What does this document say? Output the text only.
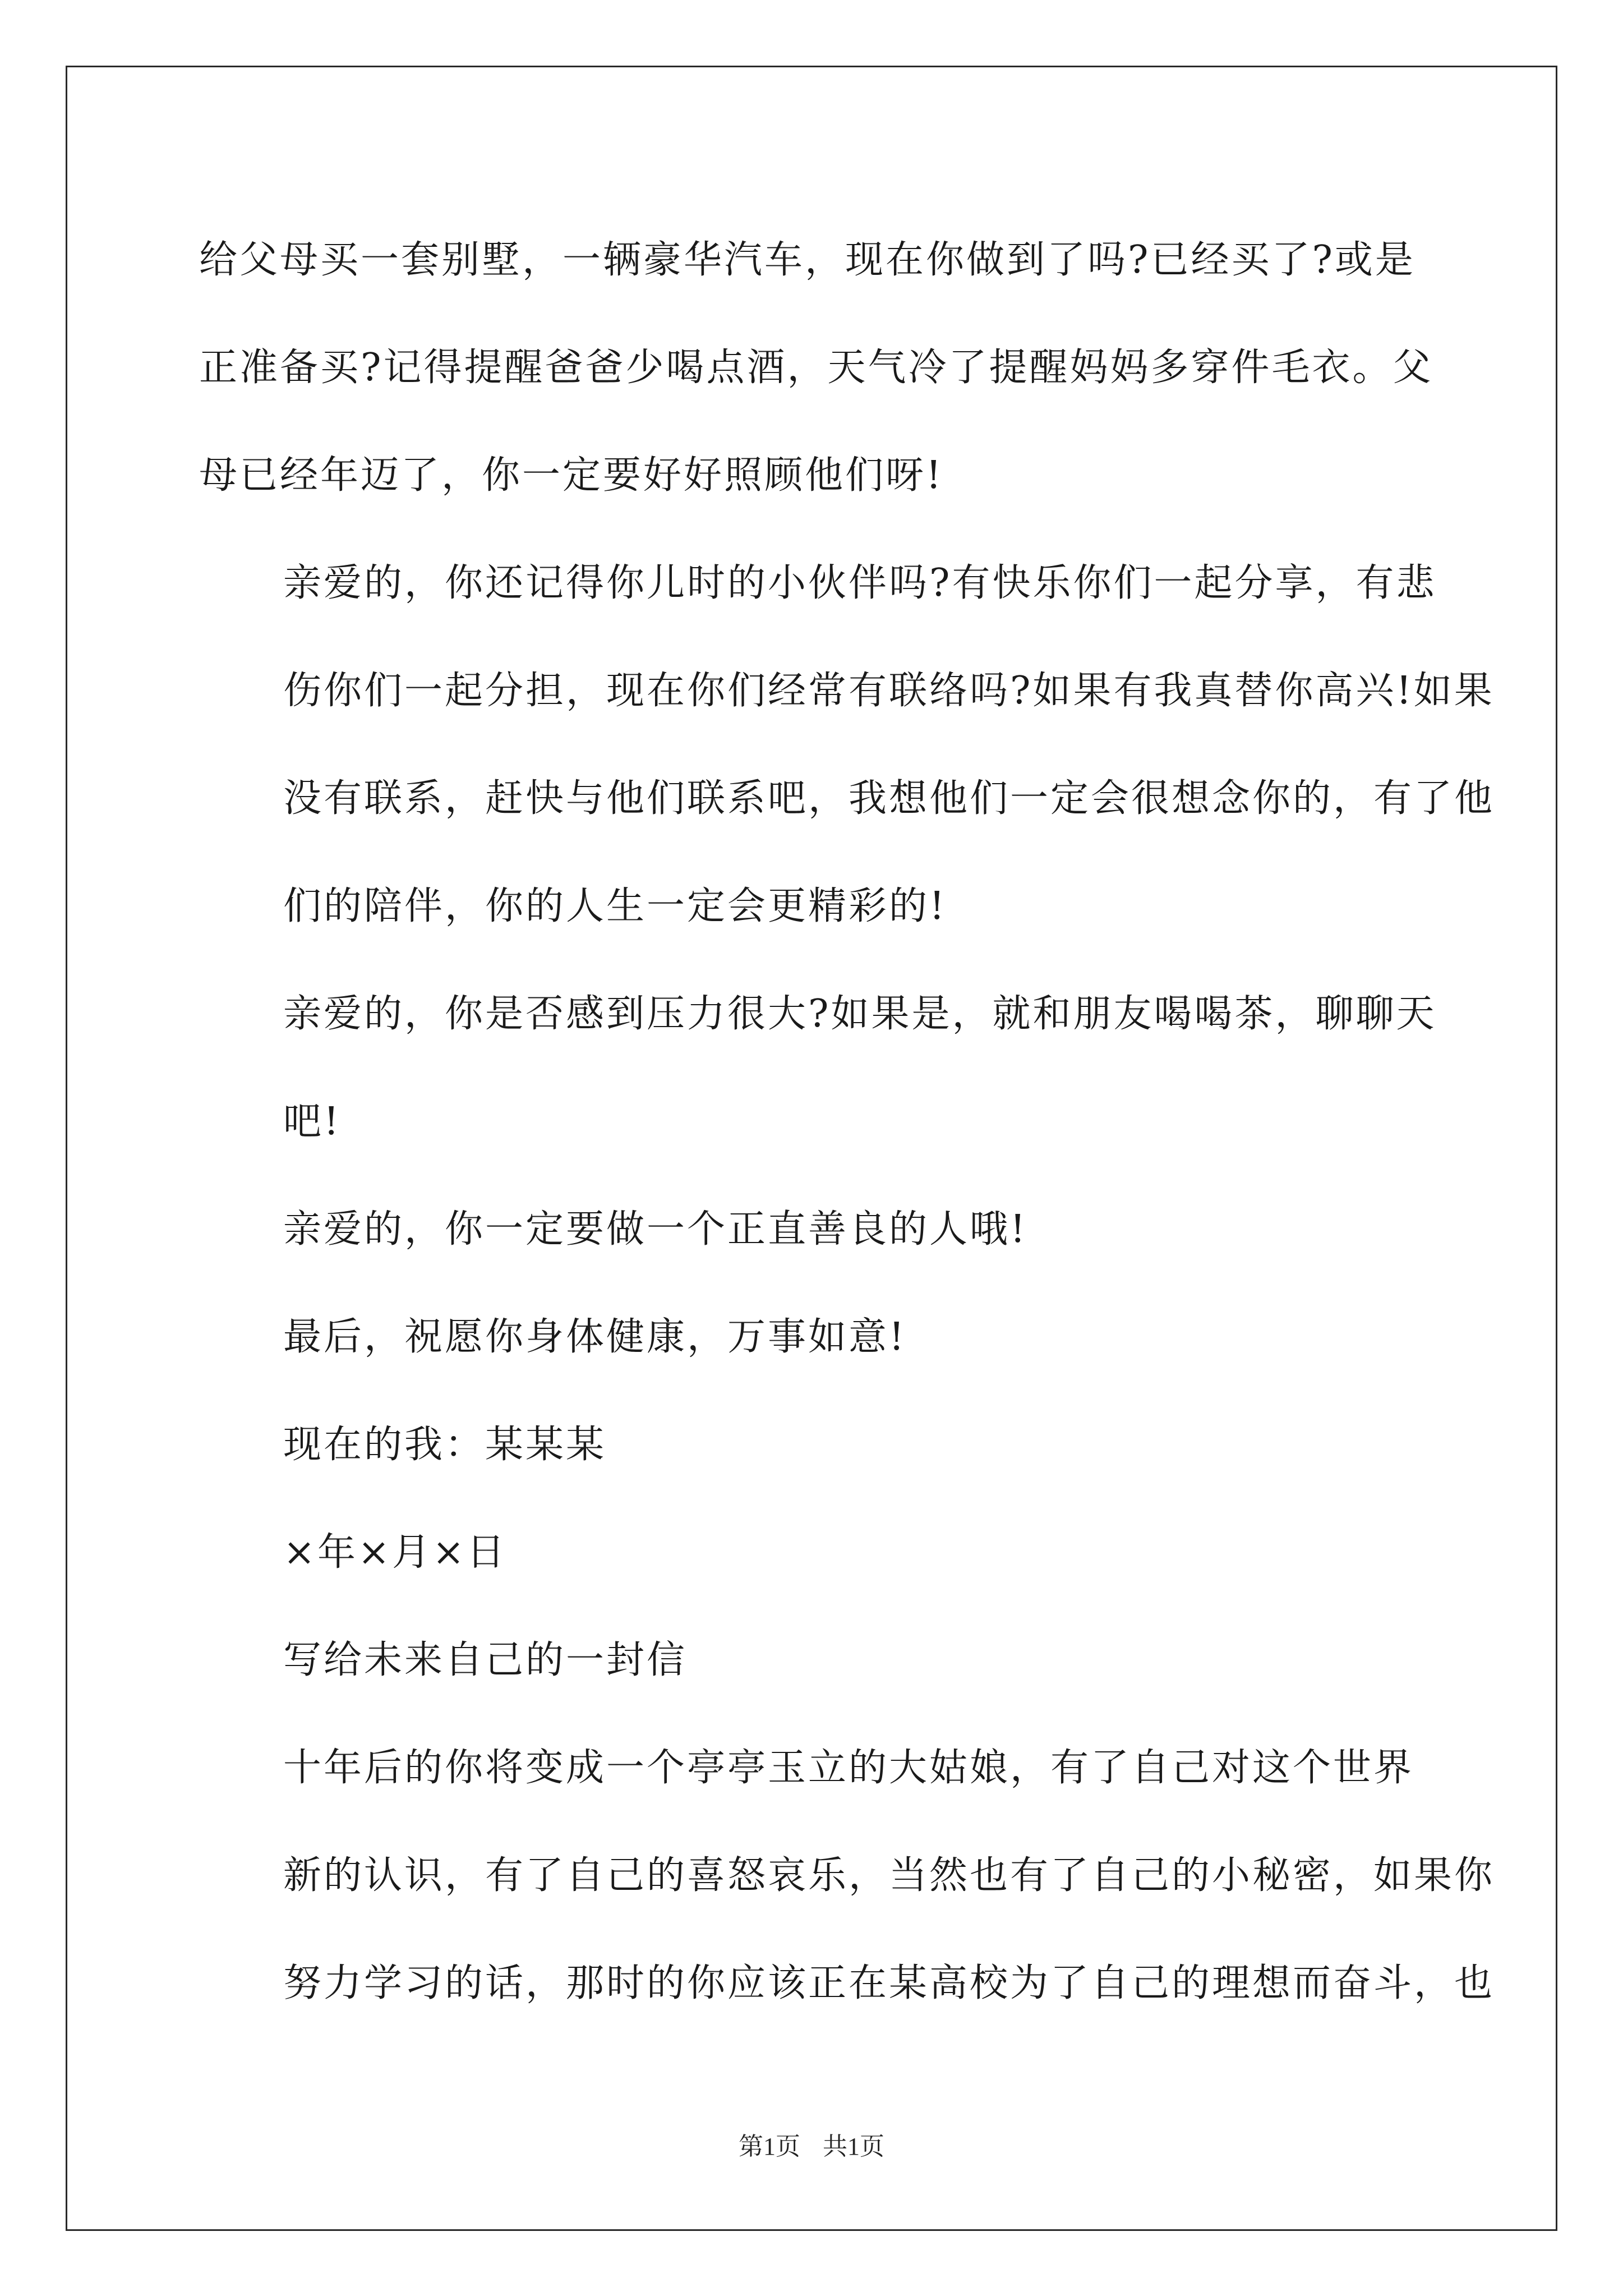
给父母买一套别墅，一辆豪华汽车，现在你做到了吗?已经买了?或是
正准备买?记得提醒爸爸少喝点酒，天气冷了提醒妈妈多穿件毛衣。父
母已经年迈了，你一定要好好照顾他们呀!

亲爱的，你还记得你儿时的小伙伴吗?有快乐你们一起分享，有悲
伤你们一起分担，现在你们经常有联络吗?如果有我真替你高兴!如果
没有联系，赶快与他们联系吧，我想他们一定会很想念你的，有了他
们的陪伴，你的人生一定会更精彩的!

亲爱的，你是否感到压力很大?如果是，就和朋友喝喝茶，聊聊天
吧!

亲爱的，你一定要做一个正直善良的人哦!

最后，祝愿你身体健康，万事如意!

现在的我：某某某

×年×月×日

写给未来自己的一封信

十年后的你将变成一个亭亭玉立的大姑娘，有了自己对这个世界
新的认识，有了自己的喜怒哀乐，当然也有了自己的小秘密，如果你
努力学习的话，那时的你应该正在某高校为了自己的理想而奋斗，也

第1页 共1页
